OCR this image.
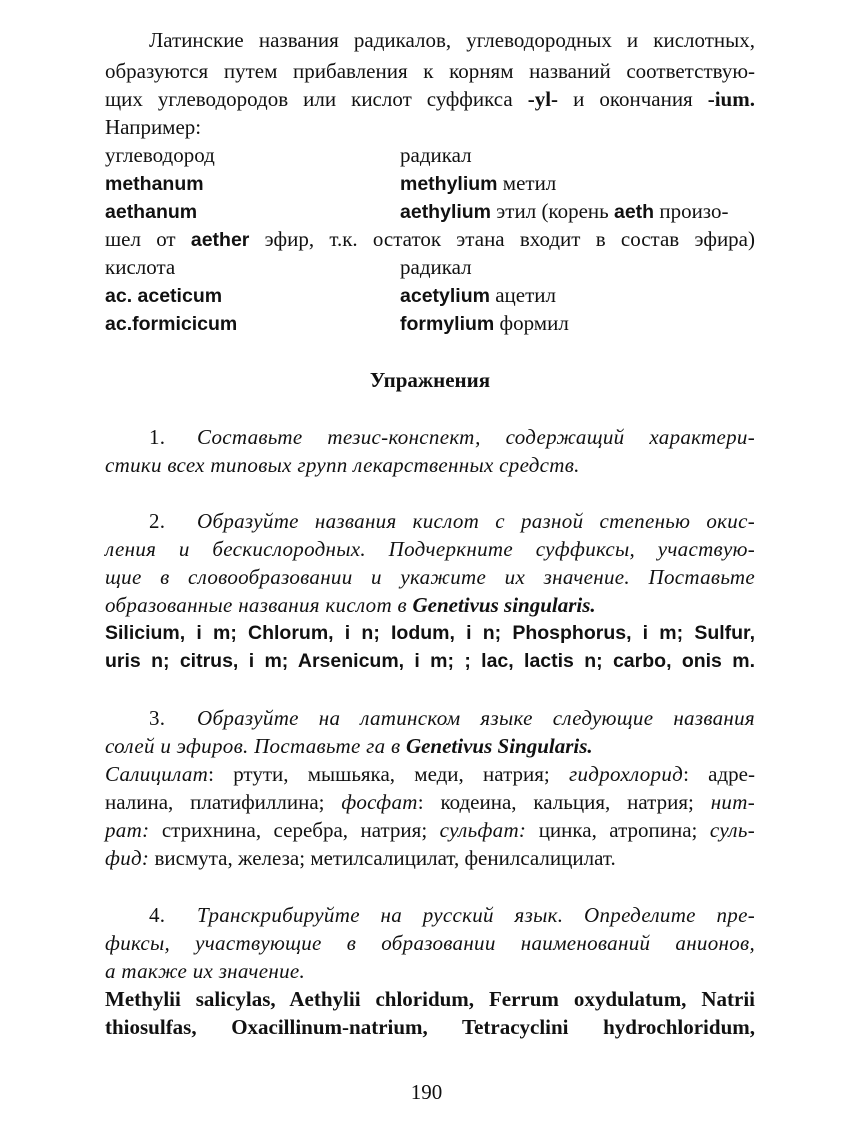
Латинские названия радикалов, углеводородных и кислотных,
образуются путем прибавления к корням названий соответствую-
щих углеводородов или кислот суффикса -yl- и окончания -ium.
Например:
углеводород	радикал
methanum	methylium метил
aethanum	aethylium этил (корень aeth произо-
шел от aether эфир, т.к. остаток этана входит в состав эфира)
кислота	радикал
ac. aceticum	acetylium ацетил
ac.formicicum	formylium формил
Упражнения
1. Составьте тезис-конспект, содержащий характери-
стики всех типовых групп лекарственных средств.
2. Образуйте названия кислот с разной степенью окис-
ления и бескислородных. Подчеркните суффиксы, участвую-
щие в словообразовании и укажите их значение. Поставьте
образованные названия кислот в Genetivus singularis.
Silicium, i m; Chlorum, i n; Iodum, i n; Phosphorus, i m; Sulfur,
uris n; citrus, i m; Arsenicum, i m; ; lac, lactis n; carbo, onis m.
3. Образуйте на латинском языке следующие названия
солей и эфиров. Поставьте га в Genetivus Singularis.
Салицилат: ртути, мышьяка, меди, натрия; гидрохлорид: адре-
налина, платифиллина; фосфат: кодеина, кальция, натрия; нит-
рат: стрихнина, серебра, натрия; сульфат: цинка, атропина; суль-
фид: висмута, железа; метилсалицилат, фенилсалицилат.
4. Транскрибируйте на русский язык. Определите пре-
фиксы, участвующие в образовании наименований анионов,
а также их значение.
Methylii salicylas, Aethylii chloridum, Ferrum oxydulatum, Natrii
thiosulfas, Oxacillinum-natrium, Tetracyclini hydrochloridum,
190
